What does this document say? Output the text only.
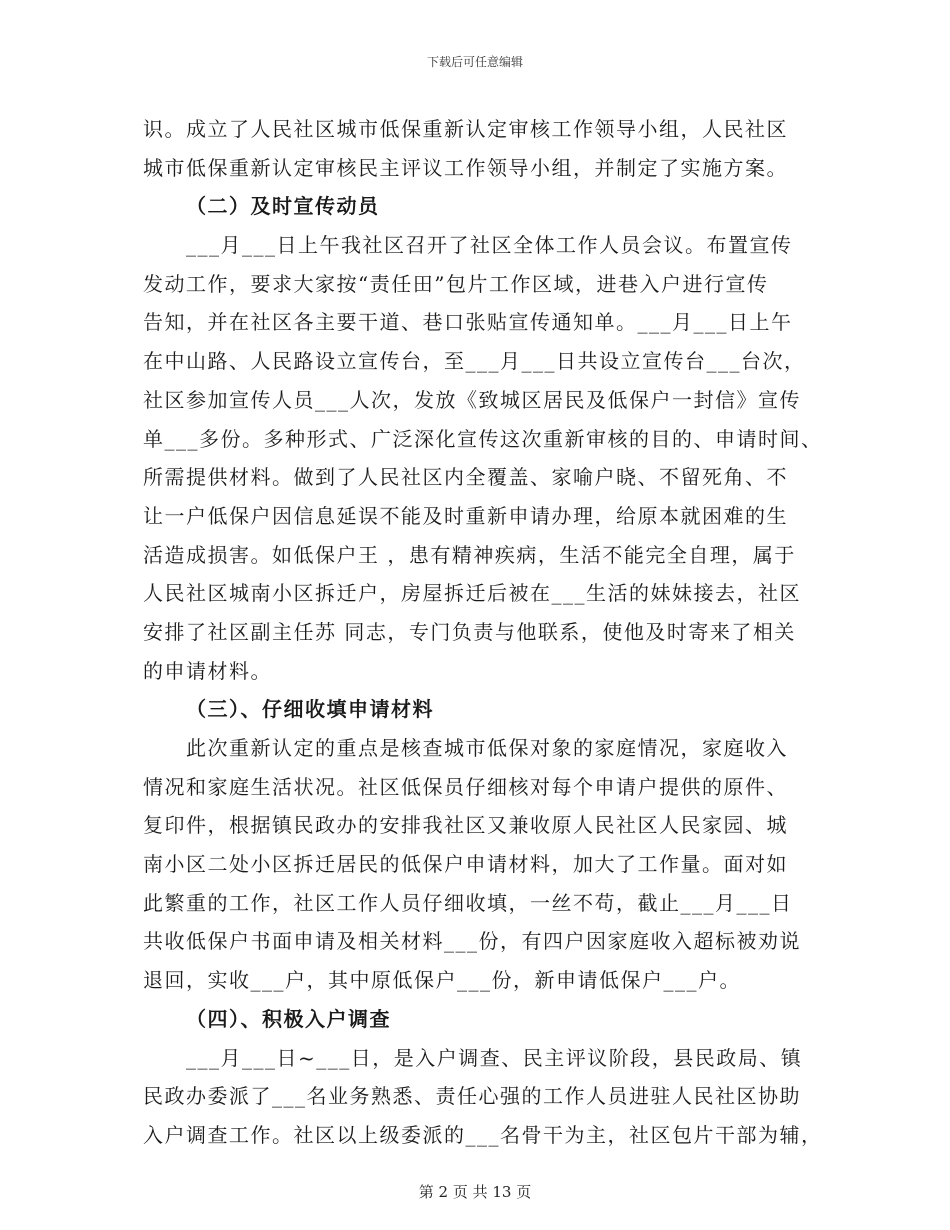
下载后可任意编辑
识。成立了人民社区城市低保重新认定审核工作领导小组，人民社区
城市低保重新认定审核民主评议工作领导小组，并制定了实施方案。
（二）及时宣传动员
___月___日上午我社区召开了社区全体工作人员会议。布置宣传
发动工作，要求大家按“责任田”包片工作区域，进巷入户进行宣传
告知，并在社区各主要干道、巷口张贴宣传通知单。___月___日上午
在中山路、人民路设立宣传台，至___月___日共设立宣传台___台次，
社区参加宣传人员___人次，发放《致城区居民及低保户一封信》宣传
单___多份。多种形式、广泛深化宣传这次重新审核的目的、申请时间、
所需提供材料。做到了人民社区内全覆盖、家喻户晓、不留死角、不
让一户低保户因信息延误不能及时重新申请办理，给原本就困难的生
活造成损害。如低保户王 ，患有精神疾病，生活不能完全自理，属于
人民社区城南小区拆迁户，房屋拆迁后被在___生活的妹妹接去，社区
安排了社区副主任苏 同志，专门负责与他联系，使他及时寄来了相关
的申请材料。
（三）、仔细收填申请材料
此次重新认定的重点是核查城市低保对象的家庭情况，家庭收入
情况和家庭生活状况。社区低保员仔细核对每个申请户提供的原件、
复印件，根据镇民政办的安排我社区又兼收原人民社区人民家园、城
南小区二处小区拆迁居民的低保户申请材料，加大了工作量。面对如
此繁重的工作，社区工作人员仔细收填，一丝不苟，截止___月___日
共收低保户书面申请及相关材料___份，有四户因家庭收入超标被劝说
退回，实收___户，其中原低保户___份，新申请低保户___户。
（四）、积极入户调查
___月___日~___日，是入户调查、民主评议阶段，县民政局、镇
民政办委派了___名业务熟悉、责任心强的工作人员进驻人民社区协助
入户调查工作。社区以上级委派的___名骨干为主，社区包片干部为辅，
第 2 页 共 13 页
